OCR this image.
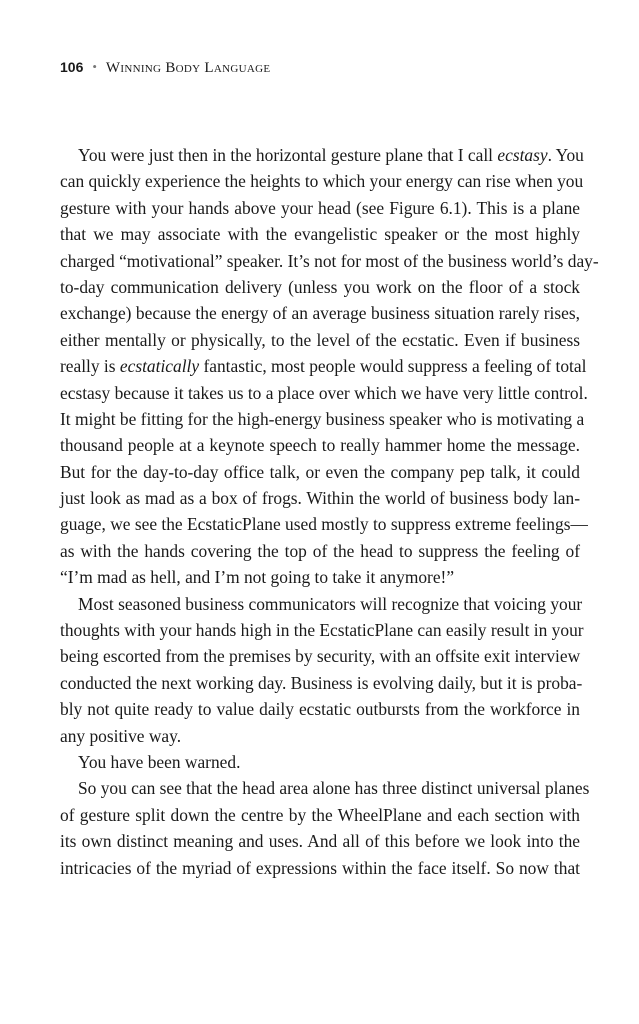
106 • Winning Body Language
You were just then in the horizontal gesture plane that I call ecstasy. You
can quickly experience the heights to which your energy can rise when you
gesture with your hands above your head (see Figure 6.1). This is a plane
that we may associate with the evangelistic speaker or the most highly
charged “motivational” speaker. It’s not for most of the business world’s day-
to-day communication delivery (unless you work on the floor of a stock
exchange) because the energy of an average business situation rarely rises,
either mentally or physically, to the level of the ecstatic. Even if business
really is ecstatically fantastic, most people would suppress a feeling of total
ecstasy because it takes us to a place over which we have very little control.
It might be fitting for the high-energy business speaker who is motivating a
thousand people at a keynote speech to really hammer home the message.
But for the day-to-day office talk, or even the company pep talk, it could
just look as mad as a box of frogs. Within the world of business body lan-
guage, we see the EcstaticPlane used mostly to suppress extreme feelings—
as with the hands covering the top of the head to suppress the feeling of
“I’m mad as hell, and I’m not going to take it anymore!”
Most seasoned business communicators will recognize that voicing your
thoughts with your hands high in the EcstaticPlane can easily result in your
being escorted from the premises by security, with an offsite exit interview
conducted the next working day. Business is evolving daily, but it is proba-
bly not quite ready to value daily ecstatic outbursts from the workforce in
any positive way.
You have been warned.
So you can see that the head area alone has three distinct universal planes
of gesture split down the centre by the WheelPlane and each section with
its own distinct meaning and uses. And all of this before we look into the
intricacies of the myriad of expressions within the face itself. So now that
